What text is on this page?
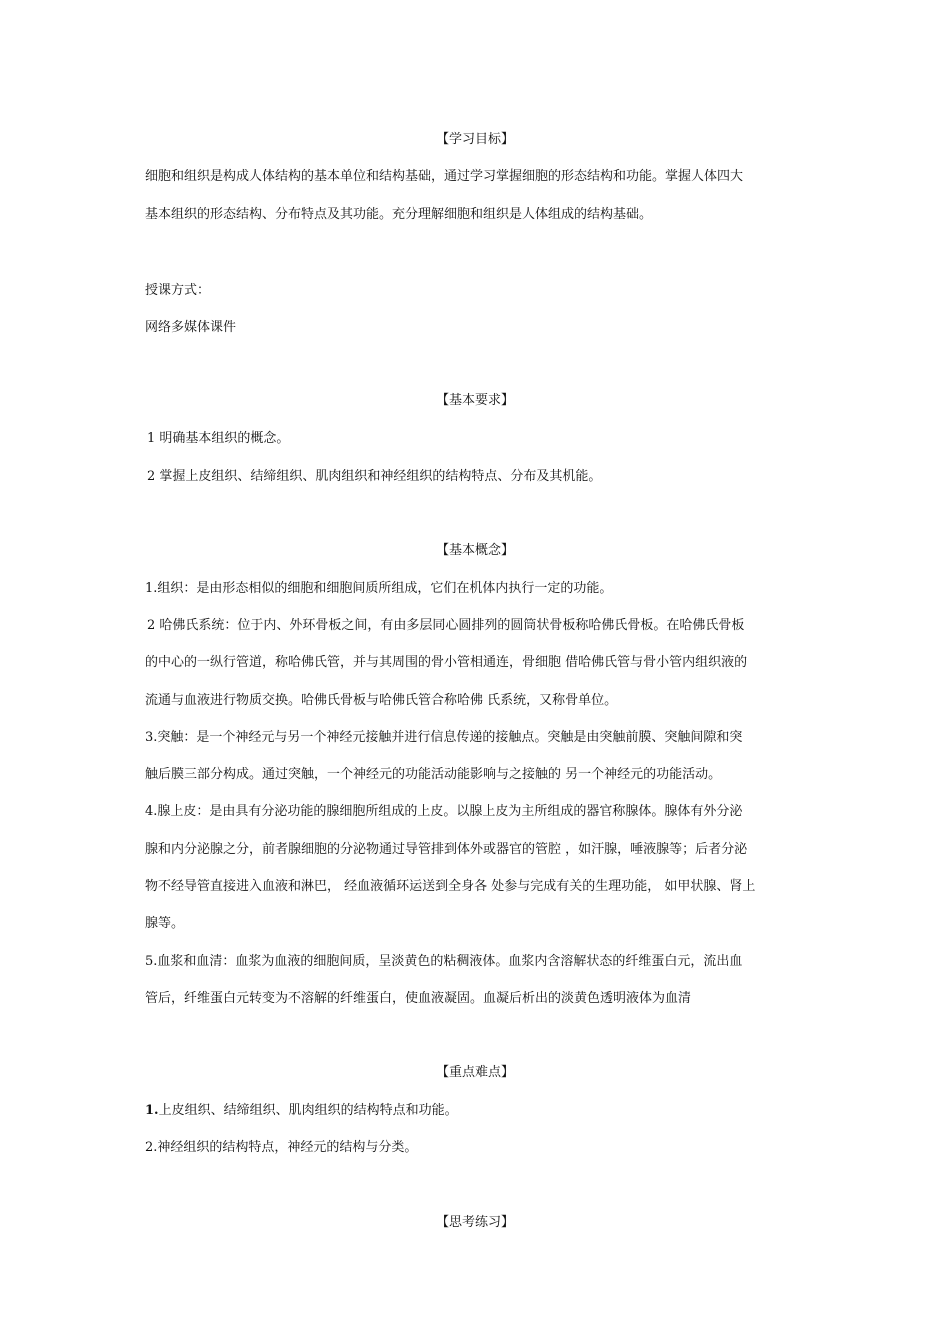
【学习目标】
细胞和组织是构成人体结构的基本单位和结构基础，通过学习掌握细胞的形态结构和功能。掌握人体四大
基本组织的形态结构、分布特点及其功能。充分理解细胞和组织是人体组成的结构基础。
授课方式：
网络多媒体课件
【基本要求】
1 明确基本组织的概念。
2 掌握上皮组织、结缔组织、肌肉组织和神经组织的结构特点、分布及其机能。
【基本概念】
1.组织：是由形态相似的细胞和细胞间质所组成，它们在机体内执行一定的功能。
2 哈佛氏系统：位于内、外环骨板之间，有由多层同心圆排列的圆筒状骨板称哈佛氏骨板。在哈佛氏骨板
的中心的一纵行管道，称哈佛氏管，并与其周围的骨小管相通连，骨细胞 借哈佛氏管与骨小管内组织液的
流通与血液进行物质交换。哈佛氏骨板与哈佛氏管合称哈佛 氏系统，又称骨单位。
3.突触：是一个神经元与另一个神经元接触并进行信息传递的接触点。突触是由突触前膜、突触间隙和突
触后膜三部分构成。通过突触，一个神经元的功能活动能影响与之接触的 另一个神经元的功能活动。
4.腺上皮：是由具有分泌功能的腺细胞所组成的上皮。以腺上皮为主所组成的器官称腺体。腺体有外分泌
腺和内分泌腺之分，前者腺细胞的分泌物通过导管排到体外或器官的管腔 ，如汗腺，唾液腺等；后者分泌
物不经导管直接进入血液和淋巴， 经血液循环运送到全身各 处参与完成有关的生理功能， 如甲状腺、肾上
腺等。
5.血浆和血清：血浆为血液的细胞间质，呈淡黄色的粘稠液体。血浆内含溶解状态的纤维蛋白元，流出血
管后，纤维蛋白元转变为不溶解的纤维蛋白，使血液凝固。血凝后析出的淡黄色透明液体为血清
【重点难点】
1.上皮组织、结缔组织、肌肉组织的结构特点和功能。
2.神经组织的结构特点，神经元的结构与分类。
【思考练习】
